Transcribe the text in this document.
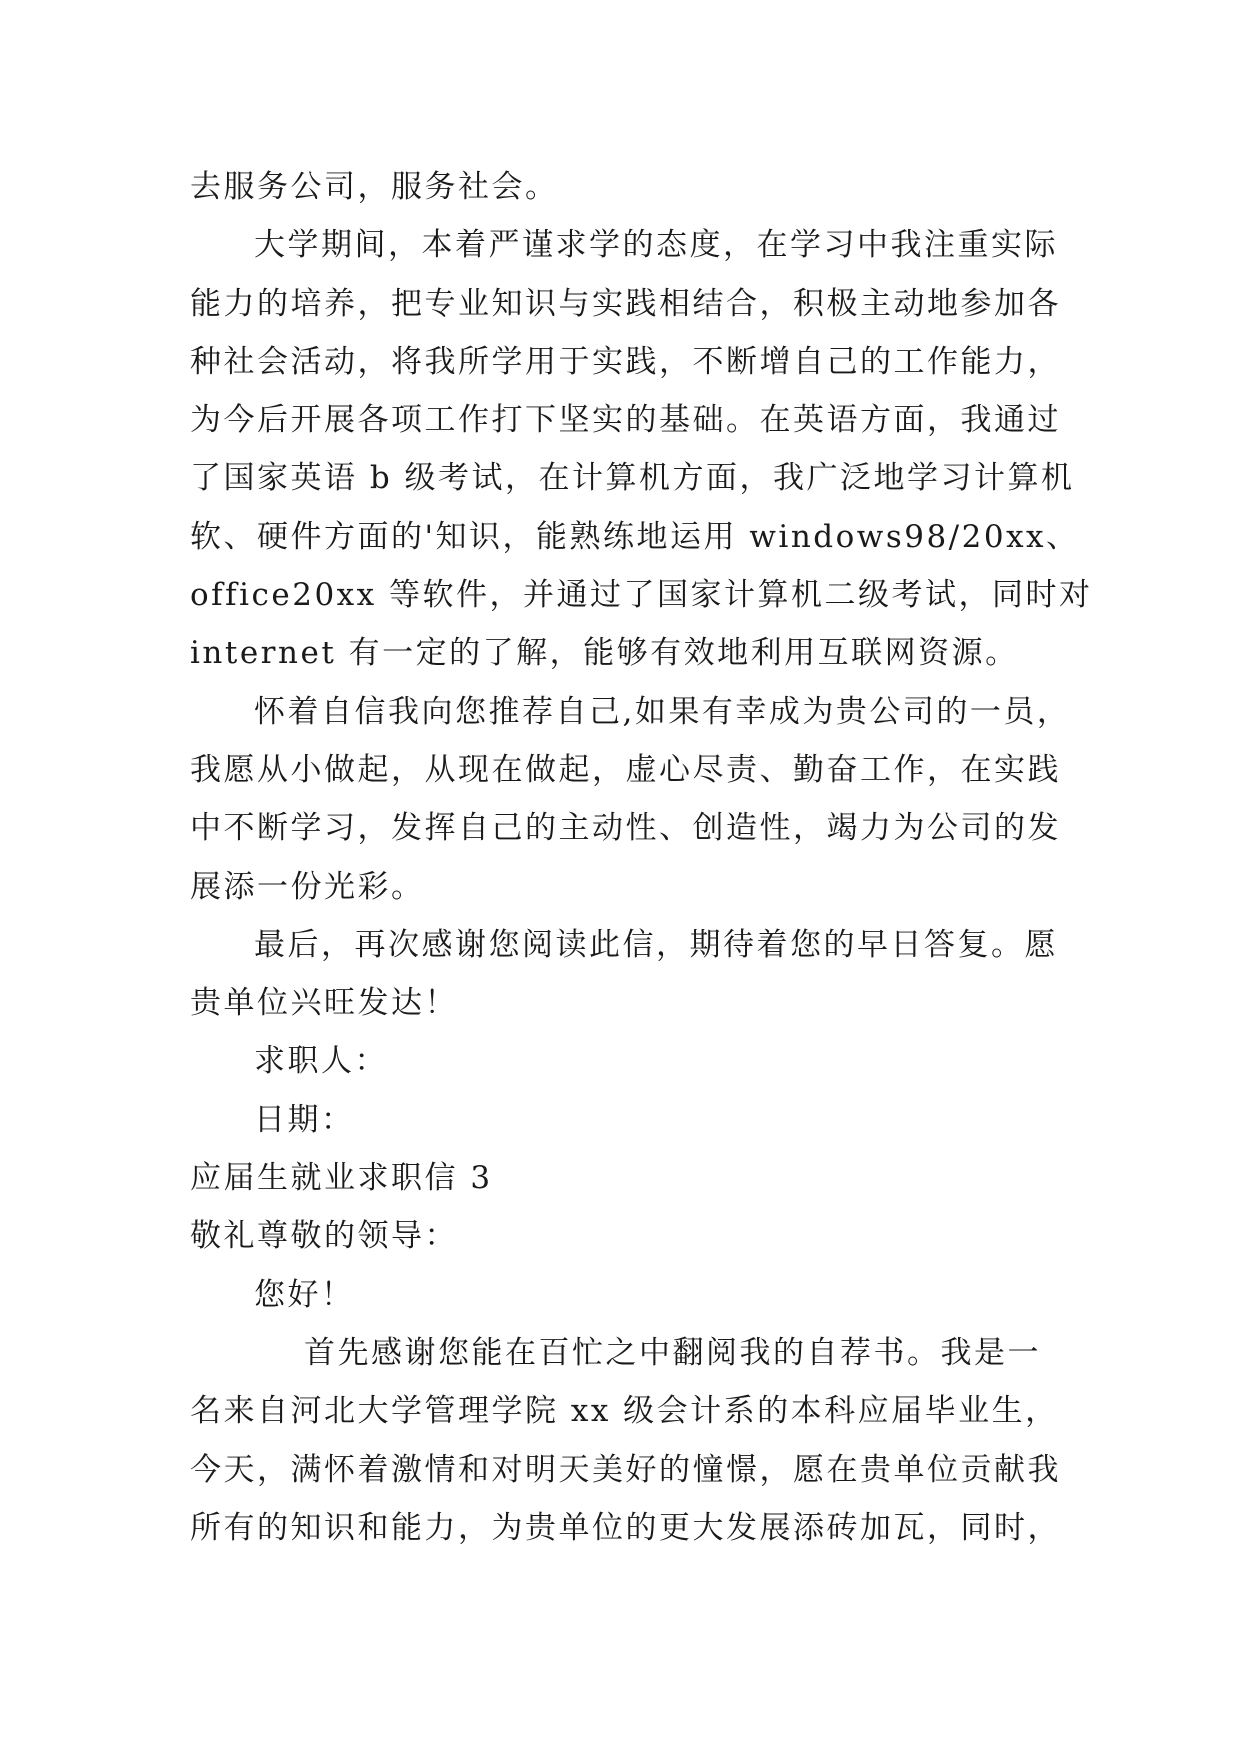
去服务公司，服务社会。
大学期间，本着严谨求学的态度，在学习中我注重实际
能力的培养，把专业知识与实践相结合，积极主动地参加各
种社会活动，将我所学用于实践，不断增自己的工作能力，
为今后开展各项工作打下坚实的基础。在英语方面，我通过
了国家英语 b 级考试，在计算机方面，我广泛地学习计算机
软、硬件方面的'知识，能熟练地运用 windows98/20xx、
office20xx 等软件，并通过了国家计算机二级考试，同时对
internet 有一定的了解，能够有效地利用互联网资源。
怀着自信我向您推荐自己,如果有幸成为贵公司的一员，
我愿从小做起，从现在做起，虚心尽责、勤奋工作，在实践
中不断学习，发挥自己的主动性、创造性，竭力为公司的发
展添一份光彩。
最后，再次感谢您阅读此信，期待着您的早日答复。愿
贵单位兴旺发达！
求职人：
日期：
应届生就业求职信 3
敬礼尊敬的领导：
您好！
首先感谢您能在百忙之中翻阅我的自荐书。我是一
名来自河北大学管理学院 xx 级会计系的本科应届毕业生，
今天，满怀着激情和对明天美好的憧憬，愿在贵单位贡献我
所有的知识和能力，为贵单位的更大发展添砖加瓦，同时，
